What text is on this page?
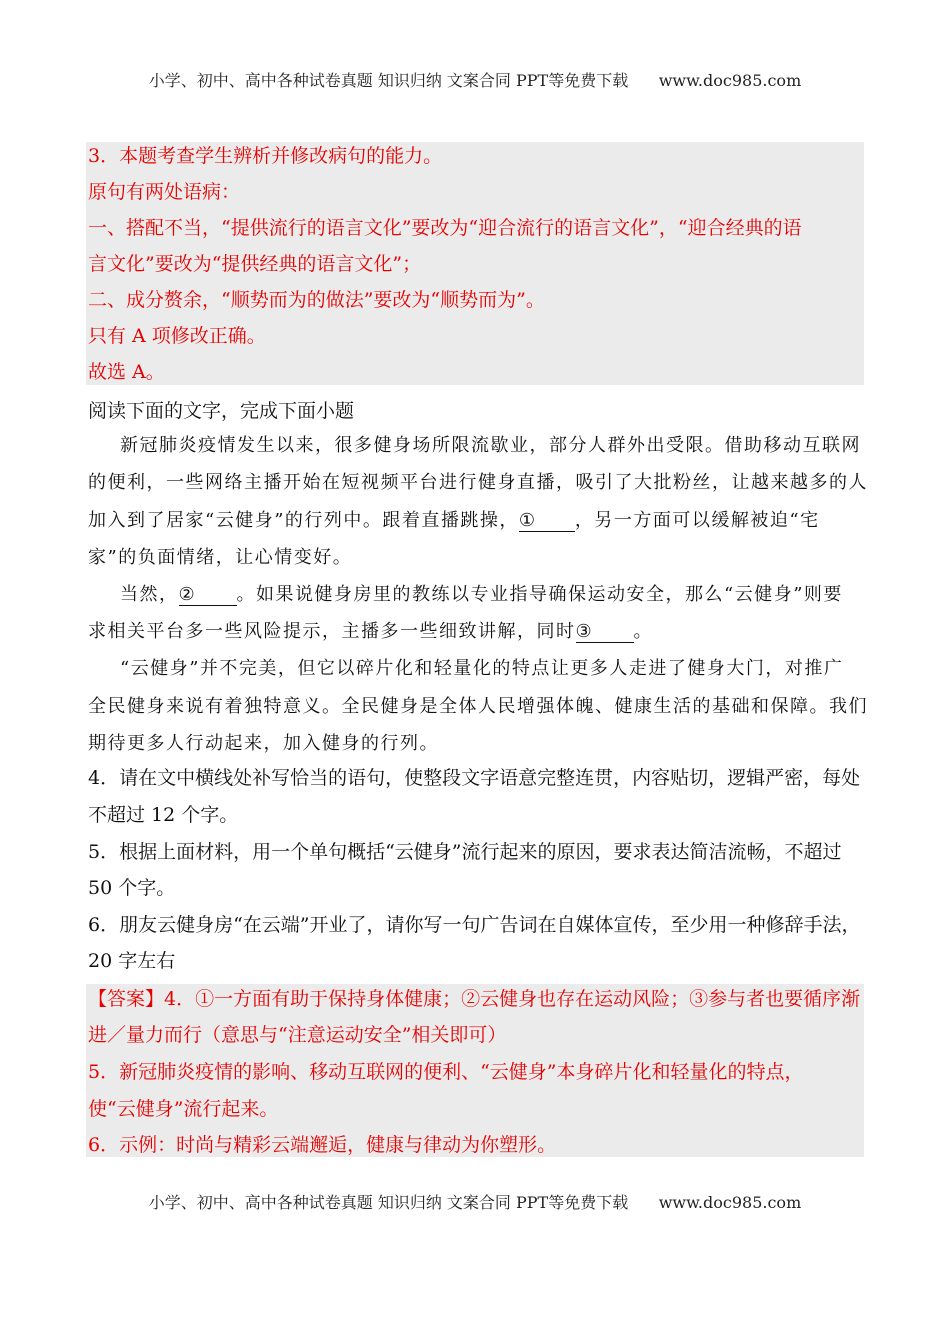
小学、初中、高中各种试卷真题 知识归纳 文案合同 PPT等免费下载 www.doc985.com
3．本题考查学生辨析并修改病句的能力。
原句有两处语病：
一、搭配不当，“提供流行的语言文化”要改为“迎合流行的语言文化”，“迎合经典的语
言文化”要改为“提供经典的语言文化”；
二、成分赘余，“顺势而为的做法”要改为“顺势而为”。
只有 A 项修改正确。
故选 A。
阅读下面的文字，完成下面小题
新冠肺炎疫情发生以来，很多健身场所限流歇业，部分人群外出受限。借助移动互联网
的便利，一些网络主播开始在短视频平台进行健身直播，吸引了大批粉丝，让越来越多的人
加入到了居家“云健身”的行列中。跟着直播跳操，① ，另一方面可以缓解被迫“宅
家”的负面情绪，让心情变好。
当然，② 。如果说健身房里的教练以专业指导确保运动安全，那么“云健身”则要
求相关平台多一些风险提示，主播多一些细致讲解，同时③ 。
“云健身”并不完美，但它以碎片化和轻量化的特点让更多人走进了健身大门，对推广
全民健身来说有着独特意义。全民健身是全体人民增强体魄、健康生活的基础和保障。我们
期待更多人行动起来，加入健身的行列。
4．请在文中横线处补写恰当的语句，使整段文字语意完整连贯，内容贴切，逻辑严密，每处
不超过 12 个字。
5．根据上面材料，用一个单句概括“云健身”流行起来的原因，要求表达简洁流畅，不超过
50 个字。
6．朋友云健身房“在云端”开业了，请你写一句广告词在自媒体宣传，至少用一种修辞手法，
20 字左右
【答案】4．①一方面有助于保持身体健康；②云健身也存在运动风险；③参与者也要循序渐
进／量力而行（意思与“注意运动安全”相关即可）
5．新冠肺炎疫情的影响、移动互联网的便利、“云健身”本身碎片化和轻量化的特点，
使“云健身”流行起来。
6．示例：时尚与精彩云端邂逅，健康与律动为你塑形。
小学、初中、高中各种试卷真题 知识归纳 文案合同 PPT等免费下载 www.doc985.com
